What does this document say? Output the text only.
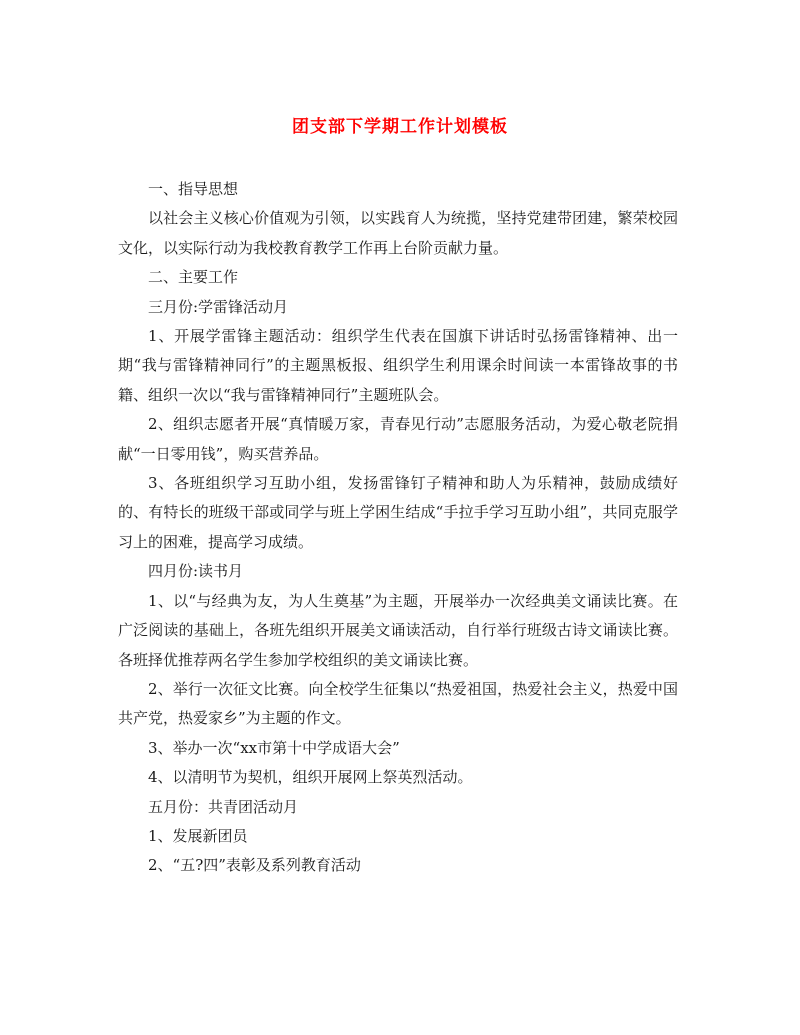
团支部下学期工作计划模板

一、指导思想

以社会主义核心价值观为引领，以实践育人为统揽，坚持党建带团建，繁荣校园文化，以实际行动为我校教育教学工作再上台阶贡献力量。

二、主要工作

三月份:学雷锋活动月

1、开展学雷锋主题活动：组织学生代表在国旗下讲话时弘扬雷锋精神、出一期“我与雷锋精神同行”的主题黑板报、组织学生利用课余时间读一本雷锋故事的书籍、组织一次以“我与雷锋精神同行”主题班队会。

2、组织志愿者开展“真情暖万家，青春见行动”志愿服务活动，为爱心敬老院捐献“一日零用钱”，购买营养品。

3、各班组织学习互助小组，发扬雷锋钉子精神和助人为乐精神，鼓励成绩好的、有特长的班级干部或同学与班上学困生结成“手拉手学习互助小组”，共同克服学习上的困难，提高学习成绩。

四月份:读书月

1、以“与经典为友，为人生奠基”为主题，开展举办一次经典美文诵读比赛。在广泛阅读的基础上，各班先组织开展美文诵读活动，自行举行班级古诗文诵读比赛。各班择优推荐两名学生参加学校组织的美文诵读比赛。

2、举行一次征文比赛。向全校学生征集以“热爱祖国，热爱社会主义，热爱中国共产党，热爱家乡”为主题的作文。

3、举办一次“xx市第十中学成语大会”

4、以清明节为契机，组织开展网上祭英烈活动。

五月份：共青团活动月

1、发展新团员

2、“五?四”表彰及系列教育活动
